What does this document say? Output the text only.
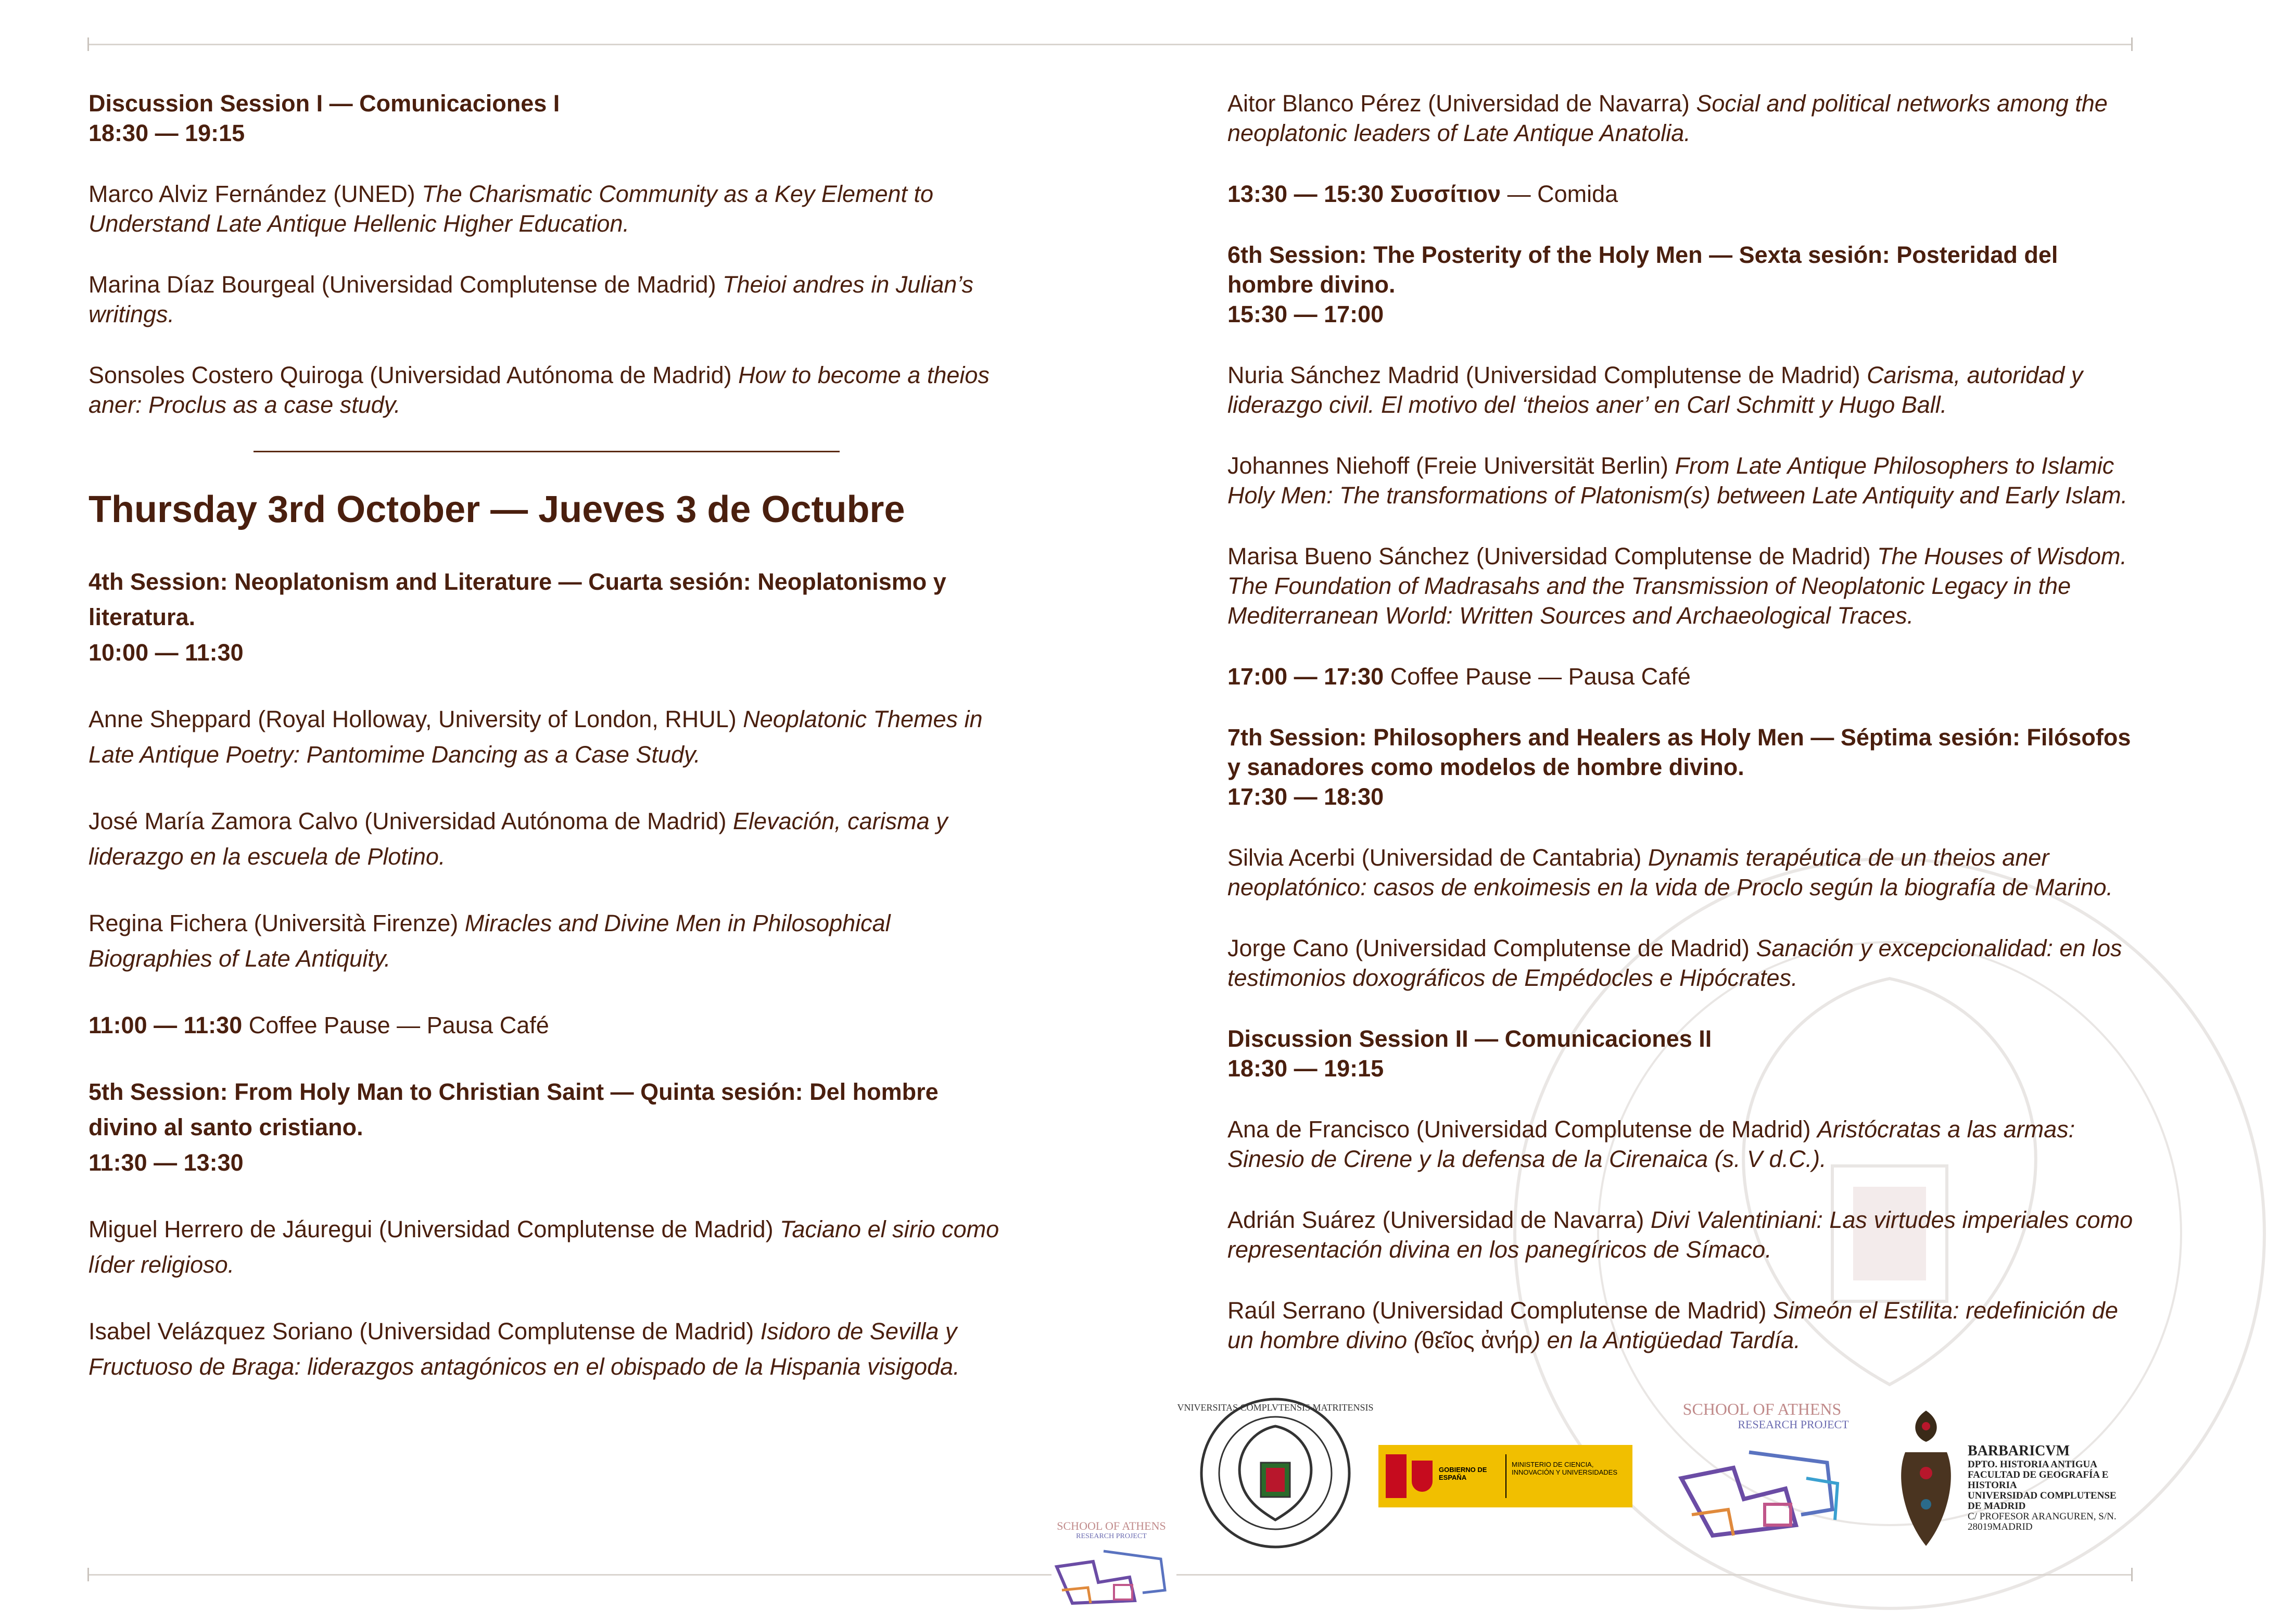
Discussion Session I — Comunicaciones I
18:30 — 19:15
Marco Alviz Fernández (UNED) The Charismatic Community as a Key Element to Understand Late Antique Hellenic Higher Education.
Marina Díaz Bourgeal (Universidad Complutense de Madrid) Theioi andres in Julian’s writings.
Sonsoles Costero Quiroga (Universidad Autónoma de Madrid) How to become a theios aner: Proclus as a case study.
Thursday 3rd October — Jueves 3 de Octubre
4th Session: Neoplatonism and Literature — Cuarta sesión: Neoplatonismo y literatura.
10:00 — 11:30
Anne Sheppard (Royal Holloway, University of London, RHUL) Neoplatonic Themes in Late Antique Poetry: Pantomime Dancing as a Case Study.
José María Zamora Calvo (Universidad Autónoma de Madrid) Elevación, carisma y liderazgo en la escuela de Plotino.
Regina Fichera (Università Firenze) Miracles and Divine Men in Philosophical Biographies of Late Antiquity.
11:00 — 11:30 Coffee Pause — Pausa Café
5th Session: From Holy Man to Christian Saint — Quinta sesión: Del hombre divino al santo cristiano.
11:30 — 13:30
Miguel Herrero de Jáuregui (Universidad Complutense de Madrid) Taciano el sirio como líder religioso.
Isabel Velázquez Soriano (Universidad Complutense de Madrid) Isidoro de Sevilla y Fructuoso de Braga: liderazgos antagónicos en el obispado de la Hispania visigoda.
Aitor Blanco Pérez (Universidad de Navarra) Social and political networks among the neoplatonic leaders of Late Antique Anatolia.
13:30 — 15:30 Συσσίτιον — Comida
6th Session: The Posterity of the Holy Men — Sexta sesión: Posteridad del hombre divino.
15:30 — 17:00
Nuria Sánchez Madrid (Universidad Complutense de Madrid) Carisma, autoridad y liderazgo civil. El motivo del ‘theios aner’ en Carl Schmitt y Hugo Ball.
Johannes Niehoff (Freie Universität Berlin) From Late Antique Philosophers to Islamic Holy Men: The transformations of Platonism(s) between Late Antiquity and Early Islam.
Marisa Bueno Sánchez (Universidad Complutense de Madrid) The Houses of Wisdom. The Foundation of Madrasahs and the Transmission of Neoplatonic Legacy in the Mediterranean World: Written Sources and Archaeological Traces.
17:00 — 17:30 Coffee Pause — Pausa Café
7th Session: Philosophers and Healers as Holy Men — Séptima sesión: Filósofos y sanadores como modelos de hombre divino.
17:30 — 18:30
Silvia Acerbi (Universidad de Cantabria) Dynamis terapéutica de un theios aner neoplatónico: casos de enkoimesis en la vida de Proclo según la biografía de Marino.
Jorge Cano (Universidad Complutense de Madrid) Sanación y excepcionalidad: en los testimonios doxográficos de Empédocles e Hipócrates.
Discussion Session II — Comunicaciones II
18:30 — 19:15
Ana de Francisco (Universidad Complutense de Madrid) Aristócratas a las armas: Sinesio de Cirene y la defensa de la Cirenaica (s. V d.C.).
Adrián Suárez (Universidad de Navarra) Divi Valentiniani: Las virtudes imperiales como representación divina en los panegíricos de Símaco.
Raúl Serrano (Universidad Complutense de Madrid) Simeón el Estilita: redefinición de un hombre divino (θεῖος ἀνήρ) en la Antigüedad Tardía.
VNIVERSITAS COMPLVTENSIS MATRITENSIS
GOBIERNO DE ESPAÑA
MINISTERIO DE CIENCIA, INNOVACIÓN Y UNIVERSIDADES
SCHOOL OF ATHENS
RESEARCH PROJECT
BARBARICVM
DPTO. HISTORIA ANTIGUA
FACULTAD DE GEOGRAFÍA E HISTORIA
UNIVERSIDAD COMPLUTENSE DE MADRID
C/ PROFESOR ARANGUREN, S/N.
28019MADRID
SCHOOL OF ATHENS
RESEARCH PROJECT
